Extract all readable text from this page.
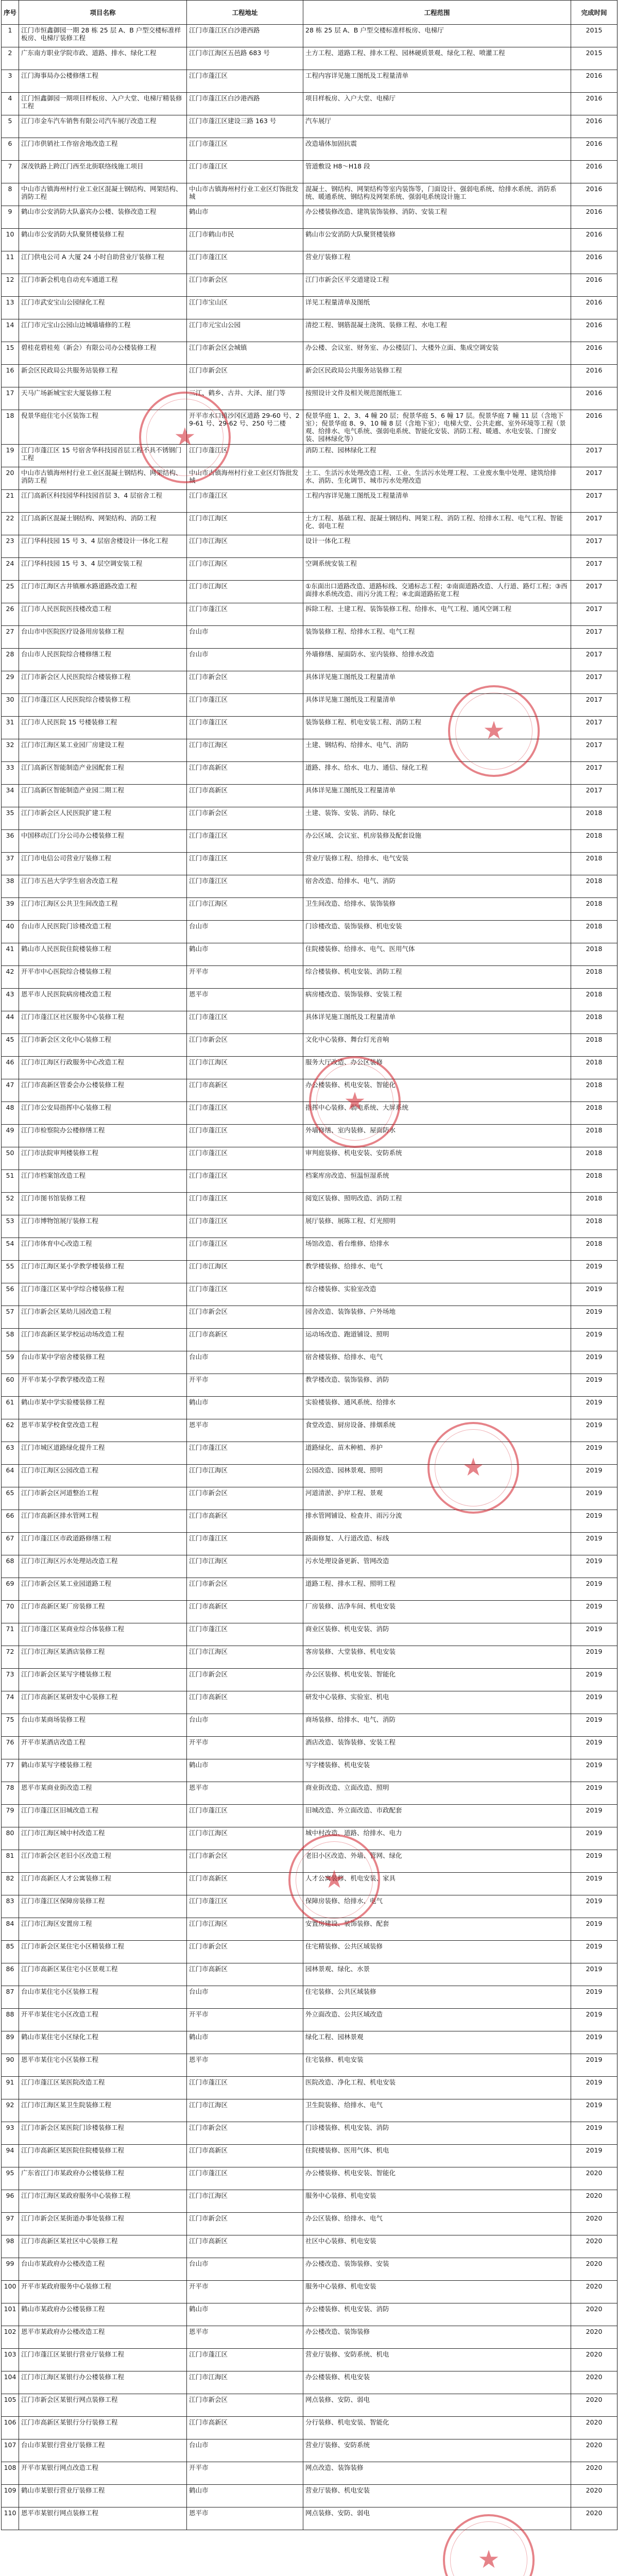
序号	项目名称	工程地址	工程范围	完成时间
1	江门市恒鑫御园一期 28 栋 25 层 A、B 户型交楼标准样板房、电梯厅装修工程	江门市蓬江区白沙港西路	28 栋 25 层 A、B 户型交楼标准样板房、电梯厅	2015
2	广东南方职业学院市政、道路、排水、绿化工程	江门市江海区五邑路 683 号	土方工程、道路工程、排水工程、园林硬质景观、绿化工程、喷灌工程	2015
3	江门海事局办公楼修缮工程	江门市蓬江区	工程内容详见施工图纸及工程量清单	2016
4	江门恒鑫御园一期项目样板房、入户大堂、电梯厅精装修工程	江门市蓬江区白沙港西路	项目样板房、入户大堂、电梯厅	2016
5	江门市金车汽车销售有限公司汽车展厅改造工程	江门市蓬江区建设三路 163 号	汽车展厅	2016
6	江门市供销社工作宿舍地改造工程	江门市蓬江区	改造墙体加固抗震	2016
7	深茂铁路上跨江门西至北街联络线施工项目	江门市蓬江区	管道敷设 H8～H18 段	2016
8	中山市古镇海州村行业工业区混凝土钢结构、网架结构、消防工程	中山市古镇海州村行业工业区灯饰批发城	混凝土、钢结构、网架结构等室内装饰等，门面设计、强弱电系统、给排水系统、消防系统、暖通系统、钢结构及网架系统、强弱电系统设计施工	2016
9	鹤山市公安消防大队嘉宾办公楼、装修改造工程	鹤山市	办公楼装修改造、建筑装饰装修、消防、安装工程	2016
10	鹤山市公安消防大队聚贤楼装修工程	江门市鹤山市民	鹤山市公安消防大队聚贤楼装修	2016
11	江门供电公司 A 大厦 24 小时自助营业厅装修工程	江门市蓬江区	营业厅装修工程	2016
12	江门市新会机电自动充车通道工程	江门市新会区	江门市新会区平交道建设工程	2016
13	江门市武安宝山公园绿化工程	江门市宝山区	详见工程量清单及图纸	2016
14	江门市元宝山公园山边城墙墙修的工程	江门市元宝山公园	清挖工程、钢筋混凝土浇筑、装修工程、水电工程	2016
15	碧桂花碧桂苑（新会）有限公司办公楼装修工程	江门市新会区会城镇	办公楼、会议室、财务室、办公楼层门、大楼外立面、集成空调安装	2016
16	新会区民政局公共服务站装修工程	江门市新会区	新会区民政局公共服务站装修工程	2016
17	天马广场新城宝宏大厦装修工程	三江、鹤乡、古井、大泽、崖门等	按照设计文件及相关规范图纸施工	2016
18	倪景华庭住宅小区装饰工程	开平市水口镇沙冈区道路 29-60 号、29-61 号、29-62 号、250 号二楼	倪景华庭 1、2、3、4 幢 20 层；倪景华庭 5、6 幢 17 层。倪景华庭 7 幢 11 层（含地下室）；倪景华庭 8、9、10 幢 8 层（含地下室）；电梯大堂、公共走廊、室外环境等工程（景观、给排水、电气系统、强弱电系统、智能化安装、消防工程、暖通、水电安装、门窗安装、园林绿化等）	2016
19	江门市蓬江区 15 号宿舍华科技园首层工程不具不锈钢门工程	江门市蓬江区	消防工程、园林绿化工程	2017
20	中山市古镇海州村行业工业区混凝土钢结构、网架结构、消防工程	中山市古镇海州村行业工业区灯饰批发城	土工、生活污水处理改造工程、工业、生活污水处理工程、工业废水集中处理、建筑给排水、消防、生化调节、城市污水处理改造	2017
21	江门高新区科技园华科技园首层 3、4 层宿舍工程	江门市蓬江区	工程内容详见施工图纸及工程量清单	2017
22	江门高新区混凝土钢结构、网架结构、消防工程	江门市江海区	土方工程、基础工程、混凝土钢结构、网架工程、消防工程、给排水工程、电气工程、智能化、弱电工程	2017
23	江门华科技园 15 号 3、4 层宿舍楼设计一体化工程	江门市江海区	设计一体化工程	2017
24	江门华科技园 15 号 3、4 层空调安装工程	江门市江海区	空调系统安装工程	2017
25	江门市江海区古井镇雁水路道路改造工程	江门市江海区	①东面出口道路改造、道路标线、交通标志工程；②南面道路改造、人行道、路灯工程；③西面排水系统改造、雨污分流工程；④北面道路拓宽工程	2017
26	江门市人民医院医技楼改造工程	江门市蓬江区	拆除工程、土建工程、装饰装修工程、给排水、电气工程、通风空调工程	2017
27	台山市中医院医疗设备用房装修工程	台山市	装饰装修工程、给排水工程、电气工程	2017
28	台山市人民医院综合楼修缮工程	台山市	外墙修缮、屋面防水、室内装修、给排水改造	2017
29	江门市新会区人民医院综合楼装修工程	江门市新会区	具体详见施工图纸及工程量清单	2017
30	江门市蓬江区人民医院综合楼装修工程	江门市蓬江区	具体详见施工图纸及工程量清单	2017
31	江门市人民医院 15 号楼装修工程	江门市蓬江区	装饰装修工程、机电安装工程、消防工程	2017
32	江门市江海区某工业园厂房建设工程	江门市江海区	土建、钢结构、给排水、电气、消防	2017
33	江门高新区智能制造产业园配套工程	江门市高新区	道路、排水、给水、电力、通信、绿化工程	2017
34	江门高新区智能制造产业园二期工程	江门市高新区	具体详见施工图纸及工程量清单	2017
35	江门市新会区人民医院扩建工程	江门市新会区	土建、装饰、安装、消防、绿化	2018
36	中国移动江门分公司办公楼装修工程	江门市蓬江区	办公区域、会议室、机房装修及配套设施	2018
37	江门市电信公司营业厅装修工程	江门市蓬江区	营业厅装修工程、给排水、电气安装	2018
38	江门市五邑大学学生宿舍改造工程	江门市蓬江区	宿舍改造、给排水、电气、消防	2018
39	江门市江海区公共卫生间改造工程	江门市江海区	卫生间改造、给排水、装饰装修	2018
40	台山市人民医院门诊楼改造工程	台山市	门诊楼改造、装饰装修、机电安装	2018
41	鹤山市人民医院住院楼装修工程	鹤山市	住院楼装修、给排水、电气、医用气体	2018
42	开平市中心医院综合楼装修工程	开平市	综合楼装修、机电安装、消防工程	2018
43	恩平市人民医院病房楼改造工程	恩平市	病房楼改造、装饰装修、安装工程	2018
44	江门市蓬江区社区服务中心装修工程	江门市蓬江区	具体详见施工图纸及工程量清单	2018
45	江门市新会区文化中心装修工程	江门市新会区	文化中心装修、舞台灯光音响	2018
46	江门市江海区行政服务中心改造工程	江门市江海区	服务大厅改造、办公区装修	2018
47	江门市高新区管委会办公楼装修工程	江门市高新区	办公楼装修、机电安装、智能化	2018
48	江门市公安局指挥中心装修工程	江门市蓬江区	指挥中心装修、弱电系统、大屏系统	2018
49	江门市检察院办公楼修缮工程	江门市蓬江区	外墙修缮、室内装修、屋面防水	2018
50	江门市法院审判楼装修工程	江门市蓬江区	审判庭装修、机电安装、安防系统	2018
51	江门市档案馆改造工程	江门市蓬江区	档案库房改造、恒温恒湿系统	2018
52	江门市图书馆装修工程	江门市蓬江区	阅览区装修、照明改造、消防工程	2018
53	江门市博物馆展厅装修工程	江门市蓬江区	展厅装修、展陈工程、灯光照明	2018
54	江门市体育中心改造工程	江门市蓬江区	场馆改造、看台维修、给排水	2018
55	江门市江海区某小学教学楼装修工程	江门市江海区	教学楼装修、给排水、电气	2019
56	江门市蓬江区某中学综合楼装修工程	江门市蓬江区	综合楼装修、实验室改造	2019
57	江门市新会区某幼儿园改造工程	江门市新会区	园舍改造、装饰装修、户外场地	2019
58	江门市高新区某学校运动场改造工程	江门市高新区	运动场改造、跑道铺设、照明	2019
59	台山市某中学宿舍楼装修工程	台山市	宿舍楼装修、给排水、电气	2019
60	开平市某小学教学楼改造工程	开平市	教学楼改造、装饰装修、消防	2019
61	鹤山市某中学实验楼装修工程	鹤山市	实验楼装修、通风系统、给排水	2019
62	恩平市某学校食堂改造工程	恩平市	食堂改造、厨房设备、排烟系统	2019
63	江门市城区道路绿化提升工程	江门市蓬江区	道路绿化、苗木种植、养护	2019
64	江门市江海区公园改造工程	江门市江海区	公园改造、园林景观、照明	2019
65	江门市新会区河道整治工程	江门市新会区	河道清淤、护岸工程、景观	2019
66	江门市高新区排水管网工程	江门市高新区	排水管网铺设、检查井、雨污分流	2019
67	江门市蓬江区市政道路修缮工程	江门市蓬江区	路面修复、人行道改造、标线	2019
68	江门市江海区污水处理站改造工程	江门市江海区	污水处理设备更新、管网改造	2019
69	江门市新会区某工业园道路工程	江门市新会区	道路工程、排水工程、照明工程	2019
70	江门市高新区某厂房装修工程	江门市高新区	厂房装修、洁净车间、机电安装	2019
71	江门市蓬江区某商业综合体装修工程	江门市蓬江区	商业区装修、机电安装、消防	2019
72	江门市江海区某酒店装修工程	江门市江海区	客房装修、大堂装修、机电安装	2019
73	江门市新会区某写字楼装修工程	江门市新会区	办公区装修、机电安装、智能化	2019
74	江门市高新区某研发中心装修工程	江门市高新区	研发中心装修、实验室、机电	2019
75	台山市某商场装修工程	台山市	商场装修、给排水、电气、消防	2019
76	开平市某酒店改造工程	开平市	酒店改造、装饰装修、安装工程	2019
77	鹤山市某写字楼装修工程	鹤山市	写字楼装修、机电安装	2019
78	恩平市某商业街改造工程	恩平市	商业街改造、立面改造、照明	2019
79	江门市蓬江区旧城改造工程	江门市蓬江区	旧城改造、外立面改造、市政配套	2019
80	江门市江海区城中村改造工程	江门市江海区	城中村改造、道路、给排水、电力	2019
81	江门市新会区老旧小区改造工程	江门市新会区	老旧小区改造、外墙、管网、绿化	2019
82	江门市高新区人才公寓装修工程	江门市高新区	人才公寓装修、机电安装、家具	2019
83	江门市蓬江区保障房装修工程	江门市蓬江区	保障房装修、给排水、电气	2019
84	江门市江海区安置房工程	江门市江海区	安置房建设、装饰装修、配套	2019
85	江门市新会区某住宅小区精装修工程	江门市新会区	住宅精装修、公共区域装修	2019
86	江门市高新区某住宅小区景观工程	江门市高新区	园林景观、绿化、水景	2019
87	台山市某住宅小区装修工程	台山市	住宅装修、公共区域装修	2019
88	开平市某住宅小区改造工程	开平市	外立面改造、公共区域改造	2019
89	鹤山市某住宅小区绿化工程	鹤山市	绿化工程、园林景观	2019
90	恩平市某住宅小区装修工程	恩平市	住宅装修、机电安装	2019
91	江门市蓬江区某医院改造工程	江门市蓬江区	医院改造、净化工程、机电安装	2019
92	江门市江海区某卫生院装修工程	江门市江海区	卫生院装修、给排水、电气	2019
93	江门市新会区某医院门诊楼装修工程	江门市新会区	门诊楼装修、机电安装、消防	2019
94	江门市高新区某医院住院楼装修工程	江门市高新区	住院楼装修、医用气体、机电	2019
95	广东省江门市某政府办公楼装修工程	江门市蓬江区	办公楼装修、机电安装、智能化	2020
96	江门市江海区某政府服务中心装修工程	江门市江海区	服务中心装修、机电安装	2020
97	江门市新会区某街道办事处装修工程	江门市新会区	办公区装修、给排水、电气	2020
98	江门市高新区某社区中心装修工程	江门市高新区	社区中心装修、机电安装	2020
99	台山市某政府办公楼改造工程	台山市	办公楼改造、装饰装修、安装	2020
100	开平市某政府服务中心装修工程	开平市	服务中心装修、机电安装	2020
101	鹤山市某政府办公楼装修工程	鹤山市	办公楼装修、机电安装、消防	2020
102	恩平市某政府办公楼改造工程	恩平市	办公楼改造、装饰装修	2020
103	江门市蓬江区某银行营业厅装修工程	江门市蓬江区	营业厅装修、安防系统、机电	2020
104	江门市江海区某银行办公楼装修工程	江门市江海区	办公楼装修、机电安装	2020
105	江门市新会区某银行网点装修工程	江门市新会区	网点装修、安防、弱电	2020
106	江门市高新区某银行分行装修工程	江门市高新区	分行装修、机电安装、智能化	2020
107	台山市某银行营业厅装修工程	台山市	营业厅装修、安防系统	2020
108	开平市某银行网点改造工程	开平市	网点改造、装饰装修	2020
109	鹤山市某银行营业厅装修工程	鹤山市	营业厅装修、机电安装	2020
110	恩平市某银行网点装修工程	恩平市	网点装修、安防、弱电	2020
★
★
★
★
★
★
